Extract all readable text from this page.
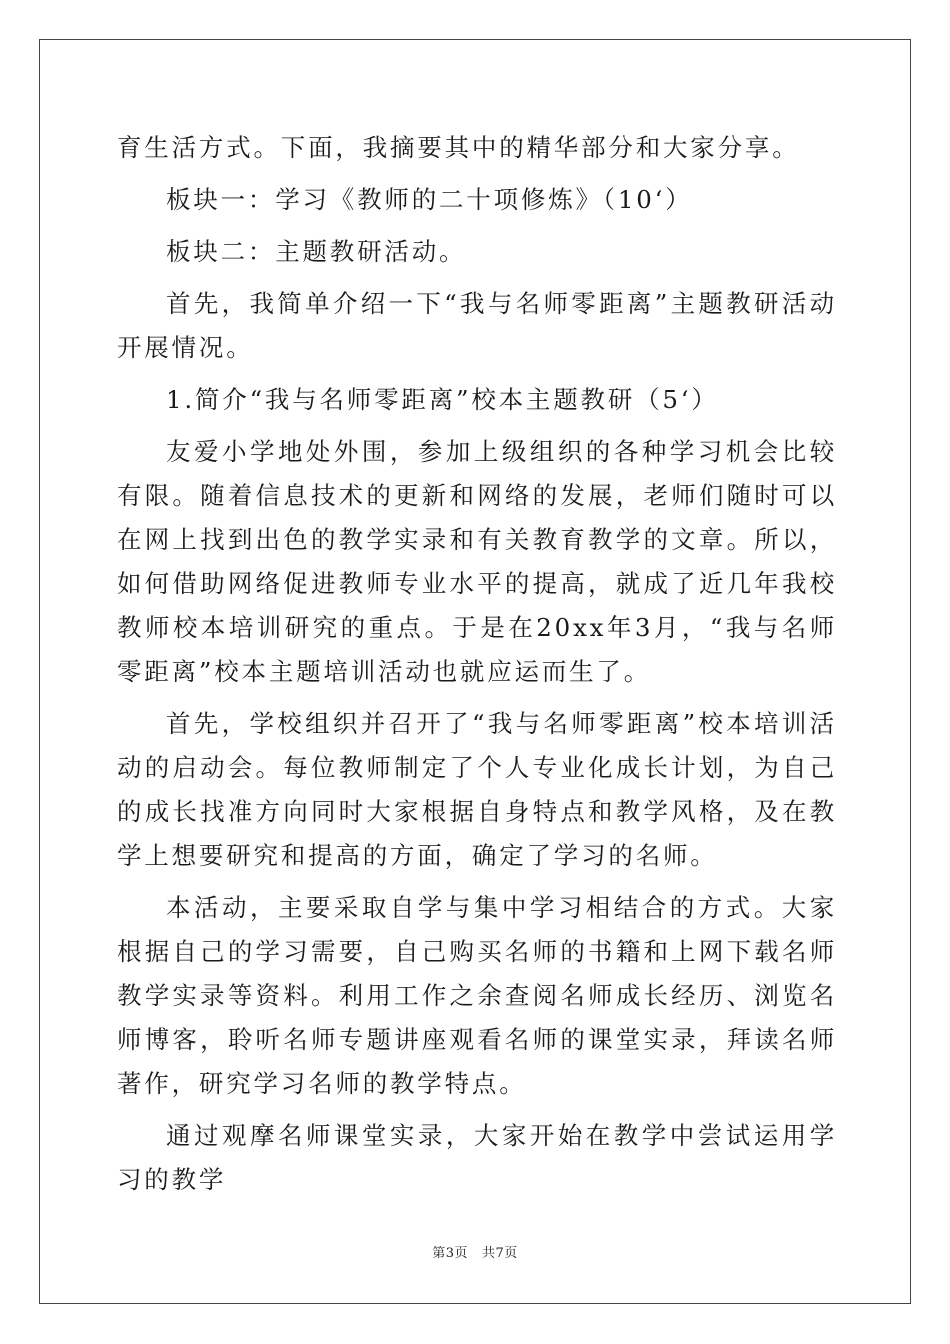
育生活方式。下面，我摘要其中的精华部分和大家分享。

板块一：学习《教师的二十项修炼》（10‘）

板块二：主题教研活动。

首先，我简单介绍一下“我与名师零距离”主题教研活动开展情况。

1.简介“我与名师零距离”校本主题教研（5‘）

友爱小学地处外围，参加上级组织的各种学习机会比较有限。随着信息技术的更新和网络的发展，老师们随时可以在网上找到出色的教学实录和有关教育教学的文章。所以，如何借助网络促进教师专业水平的提高，就成了近几年我校教师校本培训研究的重点。于是在20xx年3月，“我与名师零距离”校本主题培训活动也就应运而生了。

首先，学校组织并召开了“我与名师零距离”校本培训活动的启动会。每位教师制定了个人专业化成长计划，为自己的成长找准方向同时大家根据自身特点和教学风格，及在教学上想要研究和提高的方面，确定了学习的名师。

本活动，主要采取自学与集中学习相结合的方式。大家根据自己的学习需要，自己购买名师的书籍和上网下载名师教学实录等资料。利用工作之余查阅名师成长经历、浏览名师博客，聆听名师专题讲座观看名师的课堂实录，拜读名师著作，研究学习名师的教学特点。

通过观摩名师课堂实录，大家开始在教学中尝试运用学习的教学

第3页 共7页
